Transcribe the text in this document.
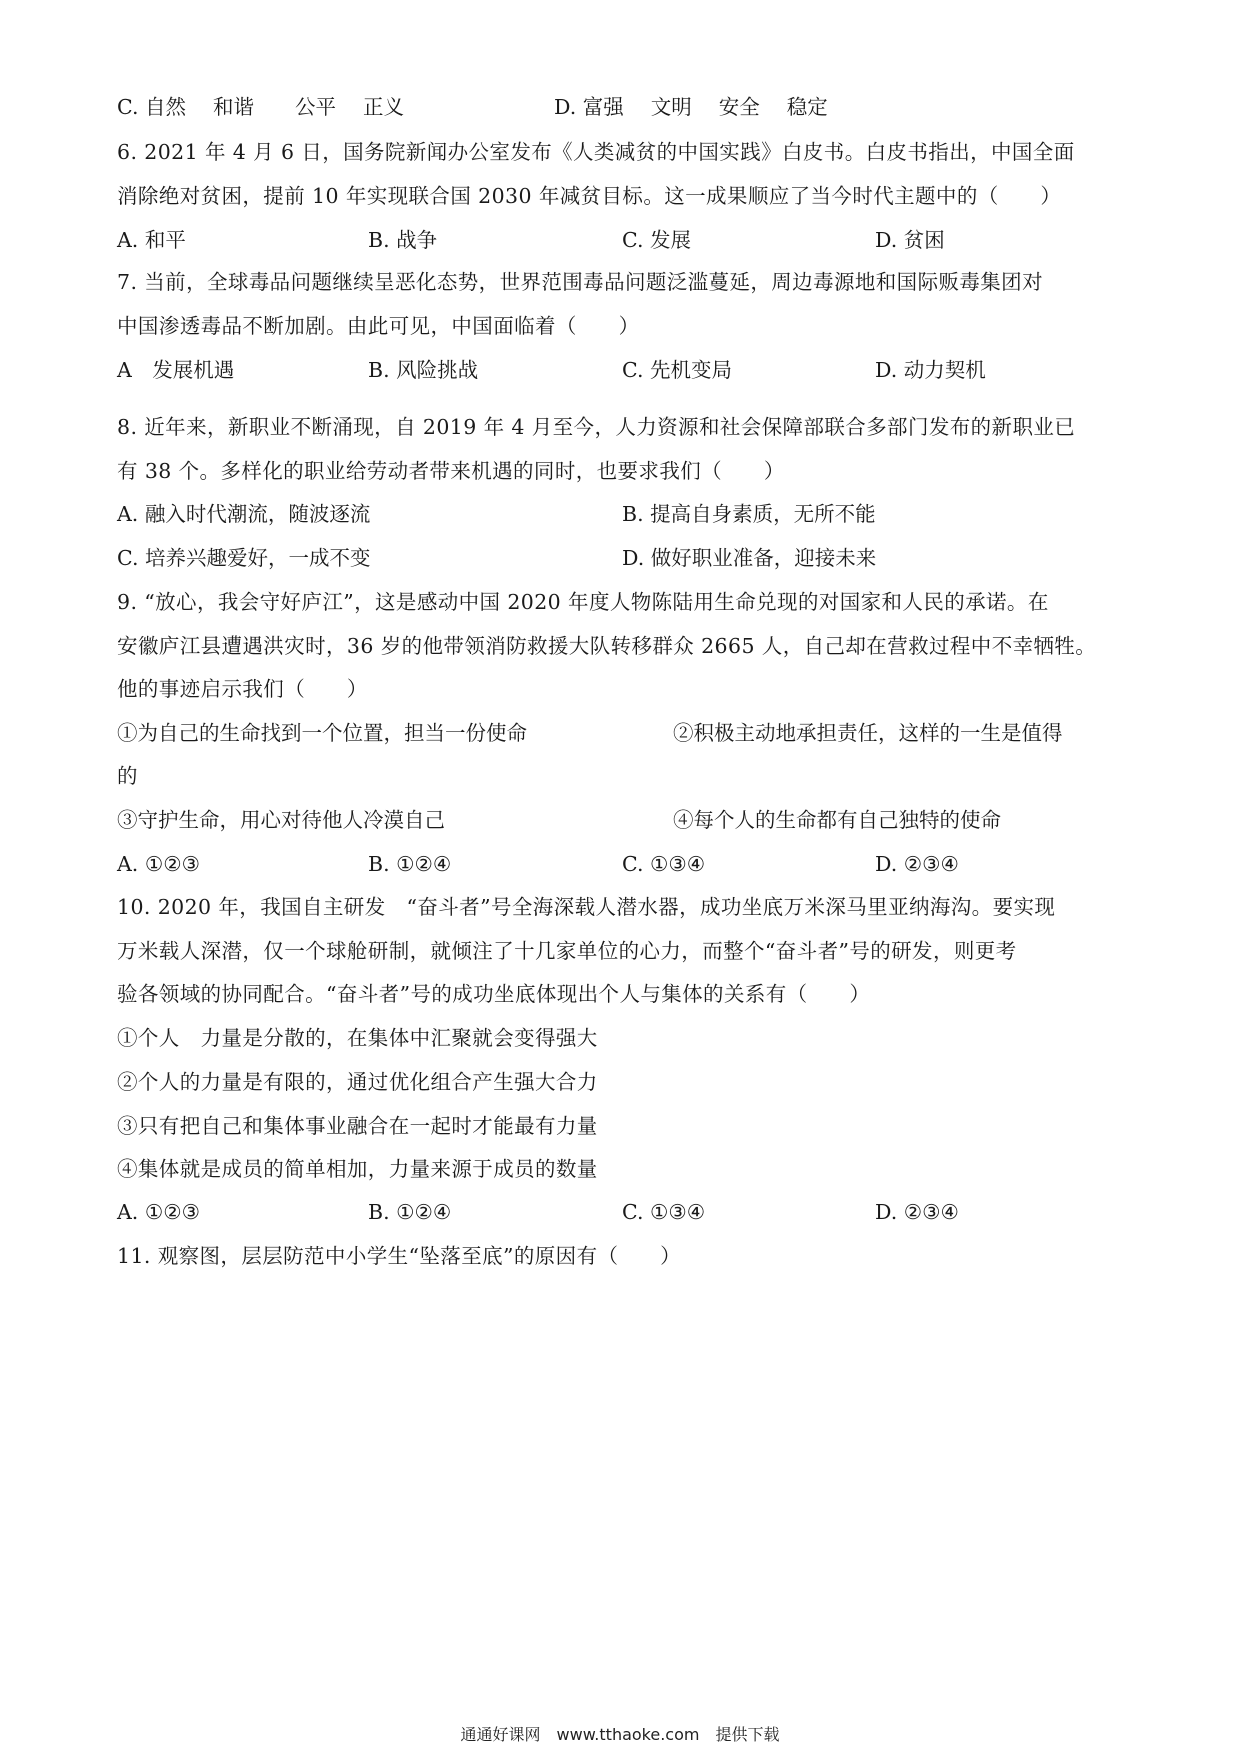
C. 自然　 和谐　　公平　 正义	D. 富强　 文明　 安全　 稳定
6. 2021 年 4 月 6 日，国务院新闻办公室发布《人类减贫的中国实践》白皮书。白皮书指出，中国全面
消除绝对贫困，提前 10 年实现联合国 2030 年减贫目标。这一成果顺应了当今时代主题中的（　　）
A. 和平	B. 战争	C. 发展	D. 贫困
7. 当前，全球毒品问题继续呈恶化态势，世界范围毒品问题泛滥蔓延，周边毒源地和国际贩毒集团对
中国渗透毒品不断加剧。由此可见，中国面临着（　　）
A　发展机遇	B. 风险挑战	C. 先机变局	D. 动力契机
8. 近年来，新职业不断涌现，自 2019 年 4 月至今，人力资源和社会保障部联合多部门发布的新职业已
有 38 个。多样化的职业给劳动者带来机遇的同时，也要求我们（　　）
A. 融入时代潮流，随波逐流	B. 提高自身素质，无所不能
C. 培养兴趣爱好，一成不变	D. 做好职业准备，迎接未来
9. “放心，我会守好庐江”，这是感动中国 2020 年度人物陈陆用生命兑现的对国家和人民的承诺。在
安徽庐江县遭遇洪灾时，36 岁的他带领消防救援大队转移群众 2665 人，自己却在营救过程中不幸牺牲。
他的事迹启示我们（　　）
①为自己的生命找到一个位置，担当一份使命	②积极主动地承担责任，这样的一生是值得
的
③守护生命，用心对待他人冷漠自己	④每个人的生命都有自己独特的使命
A. ①②③	B. ①②④	C. ①③④	D. ②③④
10. 2020 年，我国自主研发　“奋斗者”号全海深载人潜水器，成功坐底万米深马里亚纳海沟。要实现
万米载人深潜，仅一个球舱研制，就倾注了十几家单位的心力，而整个“奋斗者”号的研发，则更考
验各领域的协同配合。“奋斗者”号的成功坐底体现出个人与集体的关系有（　　）
①个人　力量是分散的，在集体中汇聚就会变得强大
②个人的力量是有限的，通过优化组合产生强大合力
③只有把自己和集体事业融合在一起时才能最有力量
④集体就是成员的简单相加，力量来源于成员的数量
A. ①②③	B. ①②④	C. ①③④	D. ②③④
11. 观察图，层层防范中小学生“坠落至底”的原因有（　　）
通通好课网　www.tthaoke.com　提供下载
